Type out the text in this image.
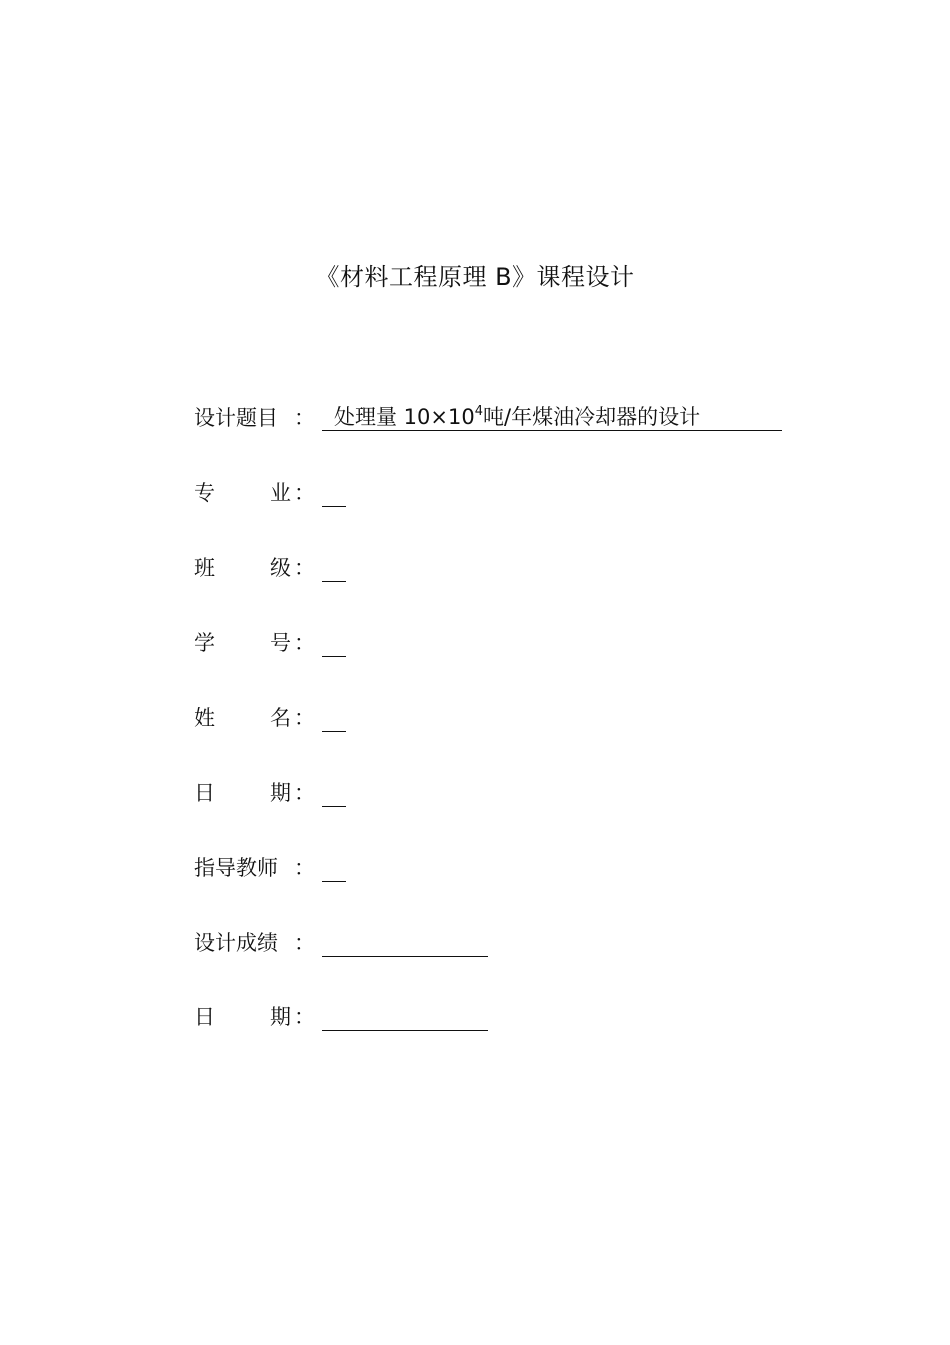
《材料工程原理 B》课程设计
设计题目 ： 处理量 $10\times 10^4$吨/年煤油冷却器的设计
专	业 ：
班	级 ：
学	号 ：
姓	名 ：
日	期 ：
指导教师 ：
设计成绩 ：
日	期 ：
